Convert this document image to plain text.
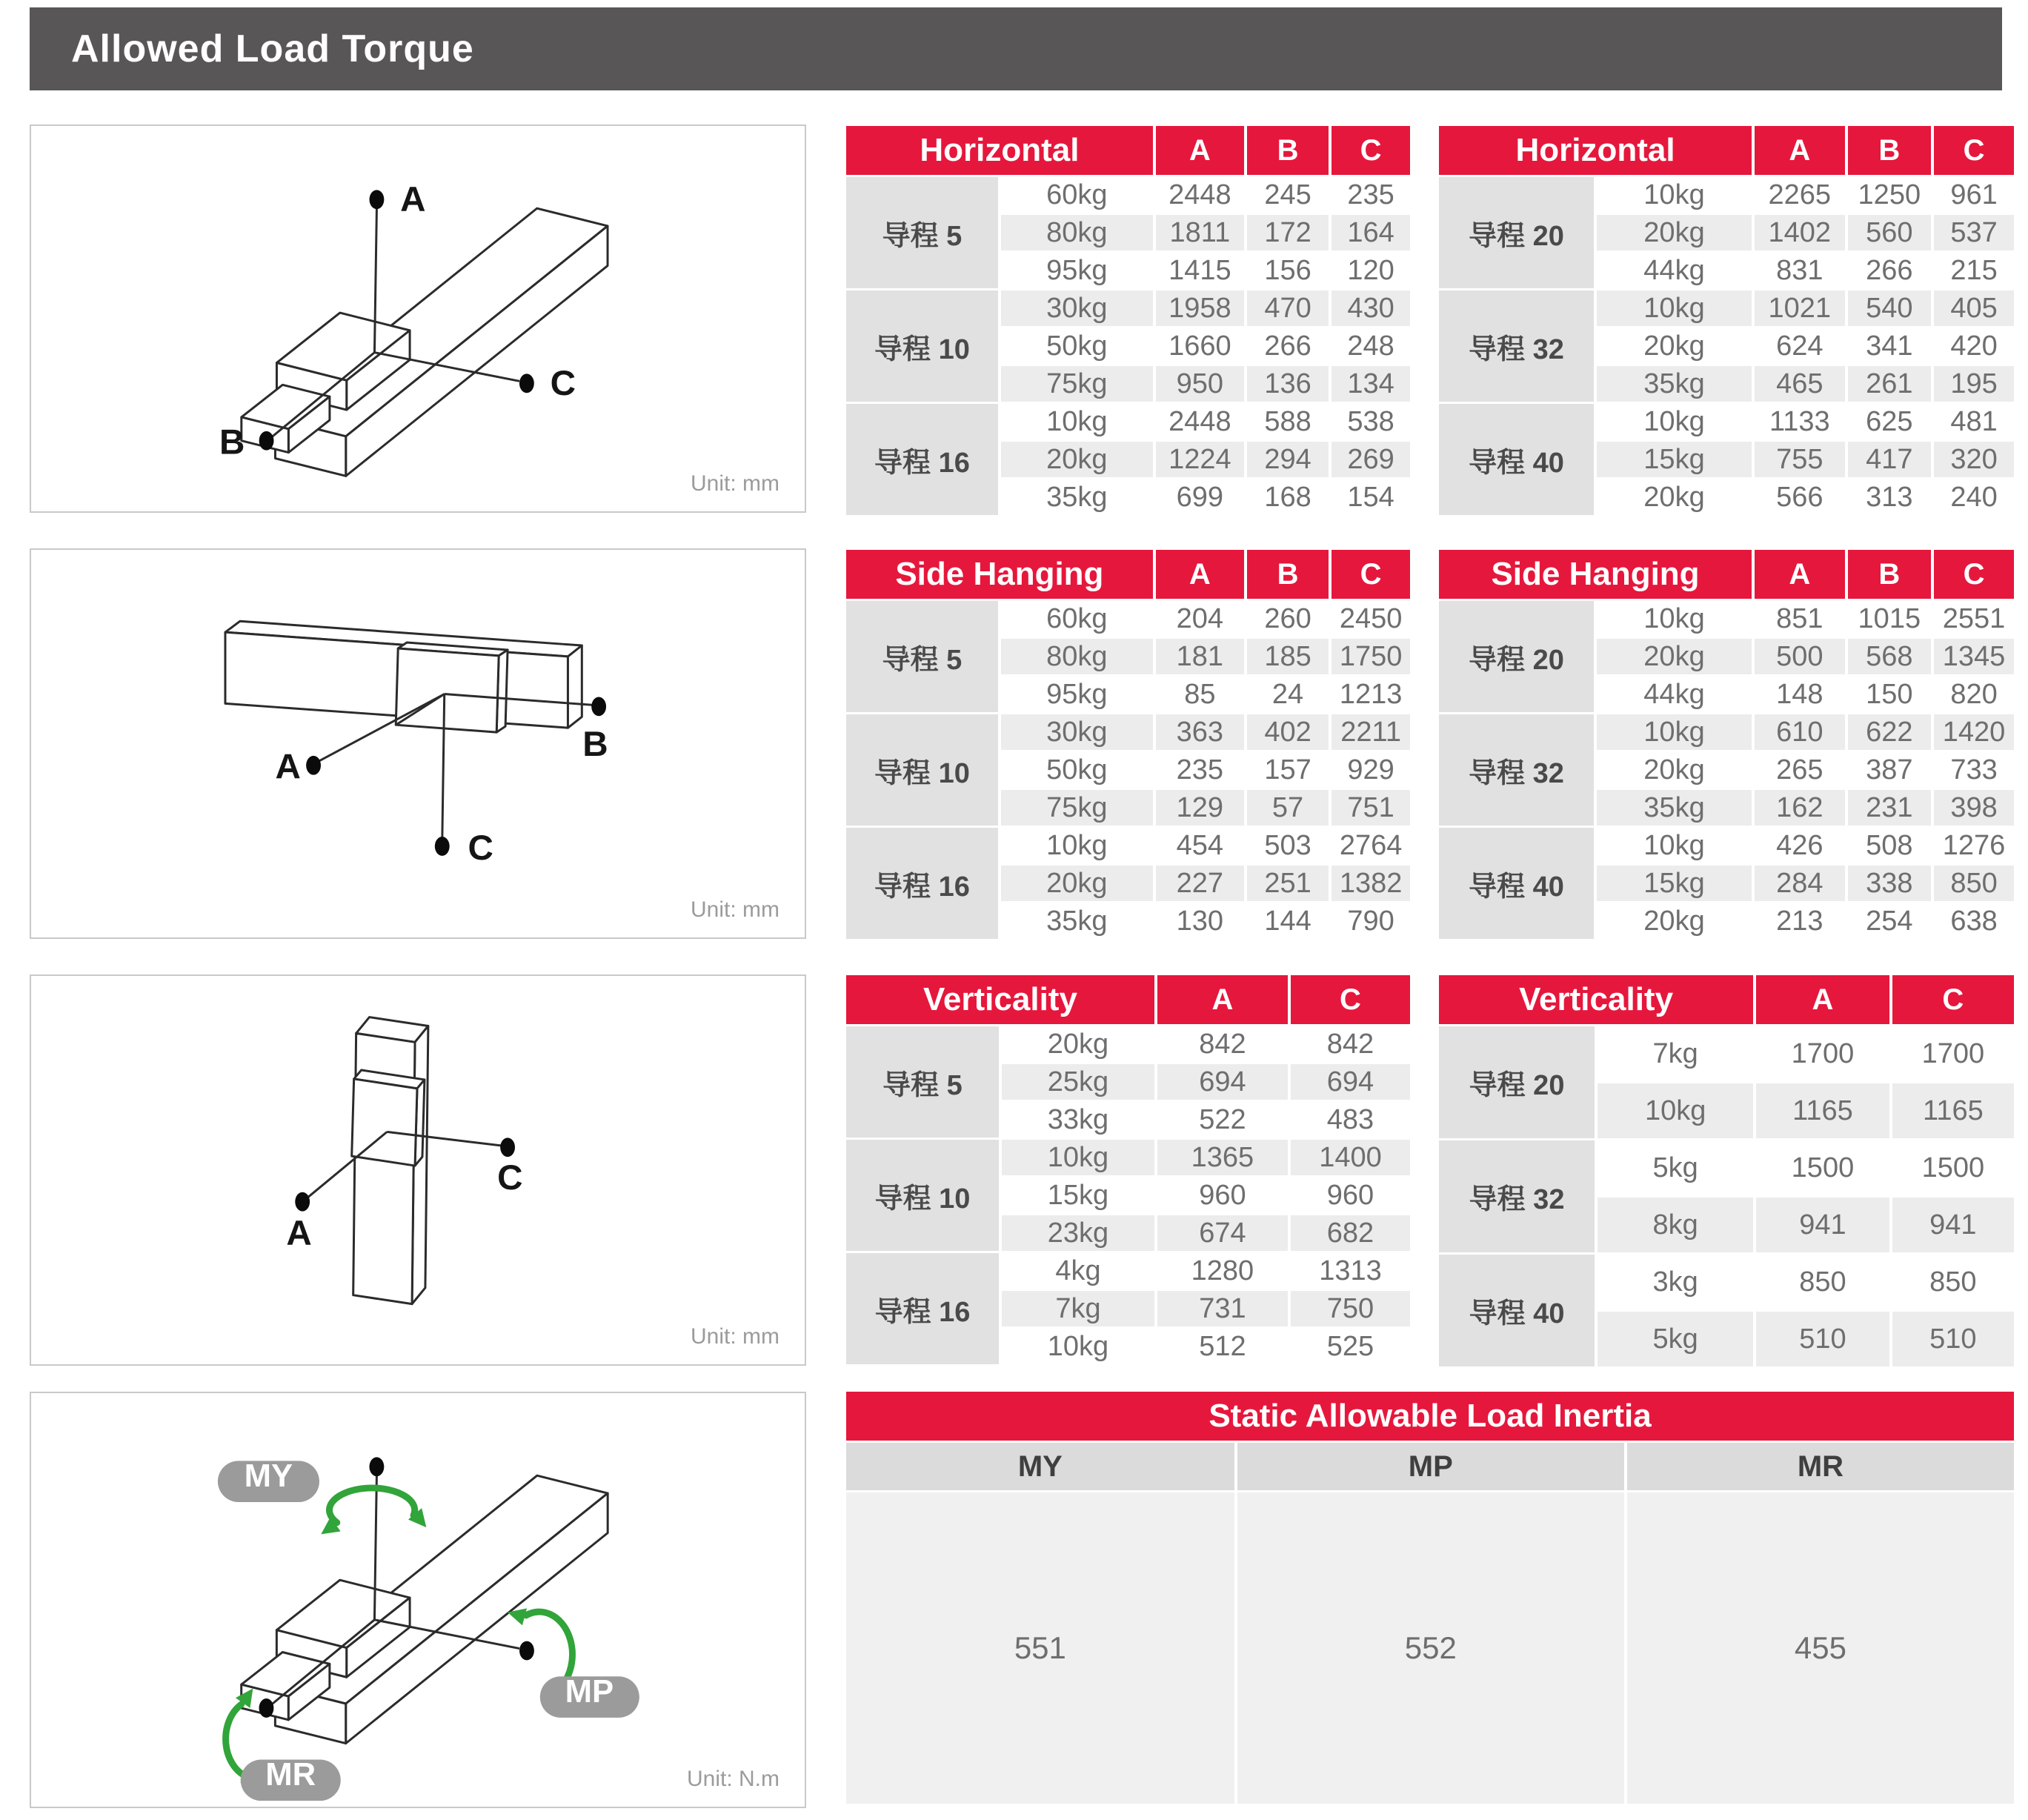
Allowed Load Torque
A
B
C
Unit: mm
A
B
C
Unit: mm
A
C
Unit: mm
MY
MP
MR	Unit: N.m
Horizontal		A	B	C
导程 5	60kg	2448	245	235
	80kg	1811	172	164
	95kg	1415	156	120
导程 10	30kg	1958	470	430
	50kg	1660	266	248
	75kg	950	136	134
导程 16	10kg	2448	588	538
	20kg	1224	294	269
	35kg	699	168	154
Horizontal		A	B	C
导程 20	10kg	2265	1250	961
	20kg	1402	560	537
	44kg	831	266	215
导程 32	10kg	1021	540	405
	20kg	624	341	420
	35kg	465	261	195
导程 40	10kg	1133	625	481
	15kg	755	417	320
	20kg	566	313	240
Side Hanging		A	B	C
导程 5	60kg	204	260	2450
	80kg	181	185	1750
	95kg	85	24	1213
导程 10	30kg	363	402	2211
	50kg	235	157	929
	75kg	129	57	751
导程 16	10kg	454	503	2764
	20kg	227	251	1382
	35kg	130	144	790
Side Hanging		A	B	C
导程 20	10kg	851	1015	2551
	20kg	500	568	1345
	44kg	148	150	820
导程 32	10kg	610	622	1420
	20kg	265	387	733
	35kg	162	231	398
导程 40	10kg	426	508	1276
	15kg	284	338	850
	20kg	213	254	638
Verticality		A	C
导程 5	20kg	842	842
	25kg	694	694
	33kg	522	483
导程 10	10kg	1365	1400
	15kg	960	960
	23kg	674	682
导程 16	4kg	1280	1313
	7kg	731	750
	10kg	512	525
Verticality		A	C
导程 20	7kg	1700	1700
	10kg	1165	1165
导程 32	5kg	1500	1500
	8kg	941	941
导程 40	3kg	850	850
	5kg	510	510
Static Allowable Load Inertia		
MY	MP	MR
551	552	455
